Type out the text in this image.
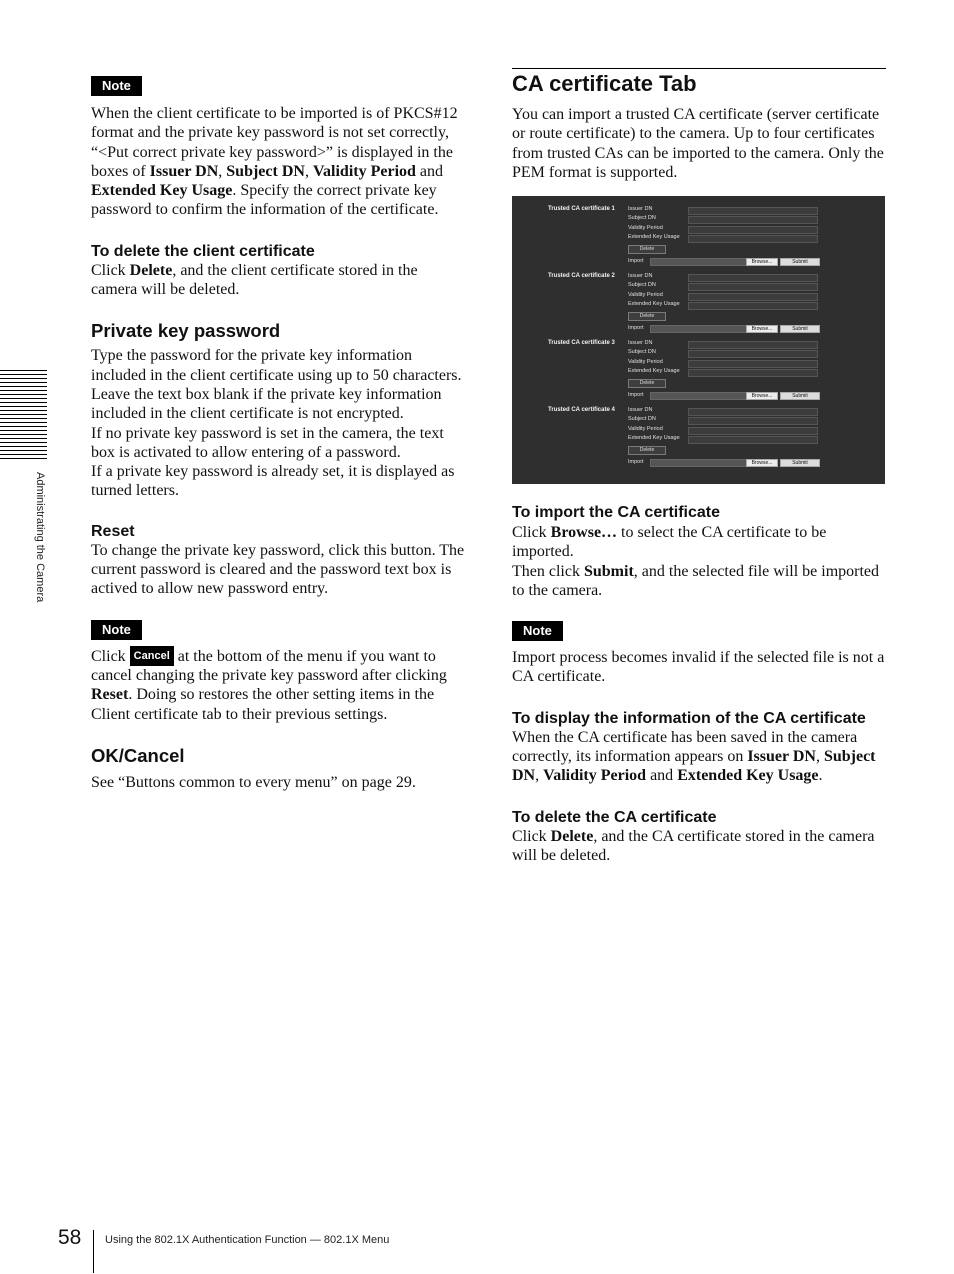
Administrating the Camera
Note

When the client certificate to be imported is of PKCS#12 format and the private key password is not set correctly, “<Put correct private key password>” is displayed in the boxes of Issuer DN, Subject DN, Validity Period and Extended Key Usage. Specify the correct private key password to confirm the information of the certificate.

To delete the client certificate

Click Delete, and the client certificate stored in the camera will be deleted.

Private key password

Type the password for the private key information included in the client certificate using up to 50 characters.

Leave the text box blank if the private key information included in the client certificate is not encrypted.

If no private key password is set in the camera, the text box is activated to allow entering of a password.

If a private key password is already set, it is displayed as turned letters.

Reset

To change the private key password, click this button. The current password is cleared and the password text box is actived to allow new password entry.

Note

Click Cancel at the bottom of the menu if you want to cancel changing the private key password after clicking Reset. Doing so restores the other setting items in the Client certificate tab to their previous settings.

OK/Cancel

See “Buttons common to every menu” on page 29.

CA certificate Tab

You can import a trusted CA certificate (server certificate or route certificate) to the camera. Up to four certificates from trusted CAs can be imported to the camera. Only the PEM format is supported.

Trusted CA certificate 1 Issuer DN
Subject DN
Validity Period
Extended Key Usage
Delete
Import	Browse...	Submit
Trusted CA certificate 2 Issuer DN
Subject DN
Validity Period
Extended Key Usage
Delete
Import	Browse...	Submit
Trusted CA certificate 3 Issuer DN
Subject DN
Validity Period
Extended Key Usage
Delete
Import	Browse...	Submit
Trusted CA certificate 4 Issuer DN
Subject DN
Validity Period
Extended Key Usage
Delete
Import	Browse...	Submit
To import the CA certificate

Click Browse… to select the CA certificate to be imported.

Then click Submit, and the selected file will be imported to the camera.

Note

Import process becomes invalid if the selected file is not a CA certificate.

To display the information of the CA certificate

When the CA certificate has been saved in the camera correctly, its information appears on Issuer DN, Subject DN, Validity Period and Extended Key Usage.

To delete the CA certificate

Click Delete, and the CA certificate stored in the camera will be deleted.

58 Using the 802.1X Authentication Function — 802.1X Menu
